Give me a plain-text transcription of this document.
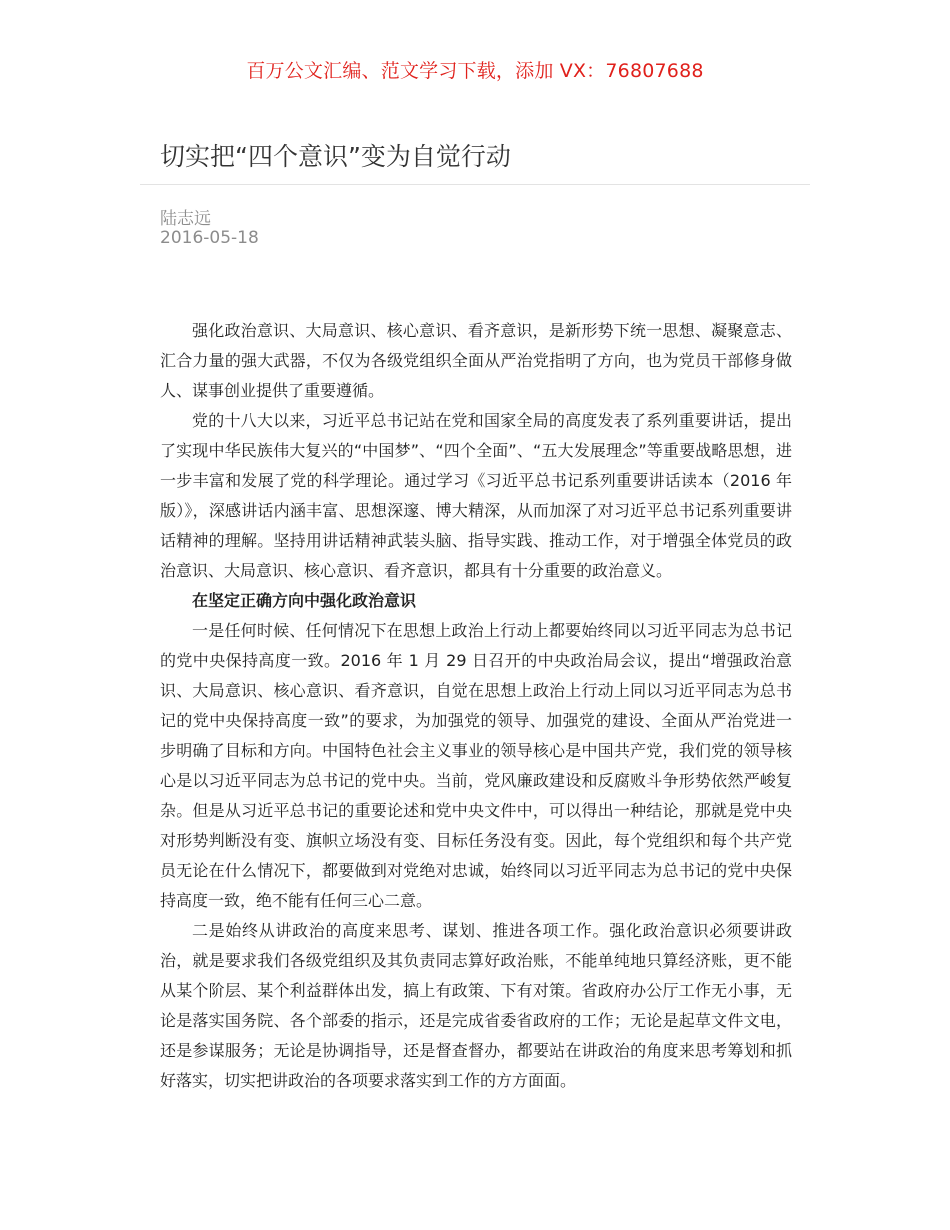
百万公文汇编、范文学习下载，添加 VX：76807688
切实把“四个意识”变为自觉行动
陆志远
2016-05-18

强化政治意识、大局意识、核心意识、看齐意识，是新形势下统一思想、凝聚意志、汇合力量的强大武器，不仅为各级党组织全面从严治党指明了方向，也为党员干部修身做人、谋事创业提供了重要遵循。

党的十八大以来，习近平总书记站在党和国家全局的高度发表了系列重要讲话，提出了实现中华民族伟大复兴的“中国梦”、“四个全面”、“五大发展理念”等重要战略思想，进一步丰富和发展了党的科学理论。通过学习《习近平总书记系列重要讲话读本（2016 年版）》，深感讲话内涵丰富、思想深邃、博大精深，从而加深了对习近平总书记系列重要讲话精神的理解。坚持用讲话精神武装头脑、指导实践、推动工作，对于增强全体党员的政治意识、大局意识、核心意识、看齐意识，都具有十分重要的政治意义。

在坚定正确方向中强化政治意识

一是任何时候、任何情况下在思想上政治上行动上都要始终同以习近平同志为总书记的党中央保持高度一致。2016 年 1 月 29 日召开的中央政治局会议，提出“增强政治意识、大局意识、核心意识、看齐意识，自觉在思想上政治上行动上同以习近平同志为总书记的党中央保持高度一致”的要求，为加强党的领导、加强党的建设、全面从严治党进一步明确了目标和方向。中国特色社会主义事业的领导核心是中国共产党，我们党的领导核心是以习近平同志为总书记的党中央。当前，党风廉政建设和反腐败斗争形势依然严峻复杂。但是从习近平总书记的重要论述和党中央文件中，可以得出一种结论，那就是党中央对形势判断没有变、旗帜立场没有变、目标任务没有变。因此，每个党组织和每个共产党员无论在什么情况下，都要做到对党绝对忠诚，始终同以习近平同志为总书记的党中央保持高度一致，绝不能有任何三心二意。

二是始终从讲政治的高度来思考、谋划、推进各项工作。强化政治意识必须要讲政治，就是要求我们各级党组织及其负责同志算好政治账，不能单纯地只算经济账，更不能从某个阶层、某个利益群体出发，搞上有政策、下有对策。省政府办公厅工作无小事，无论是落实国务院、各个部委的指示，还是完成省委省政府的工作；无论是起草文件文电，还是参谋服务；无论是协调指导，还是督查督办，都要站在讲政治的角度来思考筹划和抓好落实，切实把讲政治的各项要求落实到工作的方方面面。
